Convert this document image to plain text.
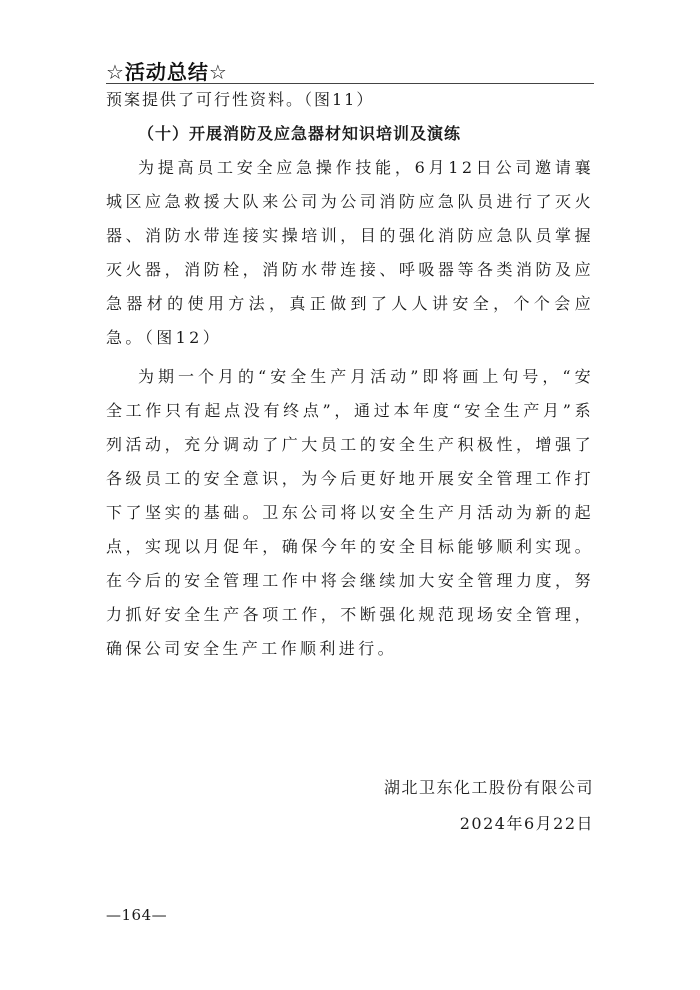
☆活动总结☆

预案提供了可行性资料。（图11）

（十）开展消防及应急器材知识培训及演练

为提高员工安全应急操作技能，6月12日公司邀请襄城区应急救援大队来公司为公司消防应急队员进行了灭火器、消防水带连接实操培训，目的强化消防应急队员掌握灭火器，消防栓，消防水带连接、呼吸器等各类消防及应急器材的使用方法，真正做到了人人讲安全，个个会应急。（图12）

为期一个月的“安全生产月活动”即将画上句号，“安全工作只有起点没有终点”，通过本年度“安全生产月”系列活动，充分调动了广大员工的安全生产积极性，增强了各级员工的安全意识，为今后更好地开展安全管理工作打下了坚实的基础。卫东公司将以安全生产月活动为新的起点，实现以月促年，确保今年的安全目标能够顺利实现。在今后的安全管理工作中将会继续加大安全管理力度，努力抓好安全生产各项工作，不断强化规范现场安全管理，确保公司安全生产工作顺利进行。

湖北卫东化工股份有限公司
2024年6月22日
—164—
